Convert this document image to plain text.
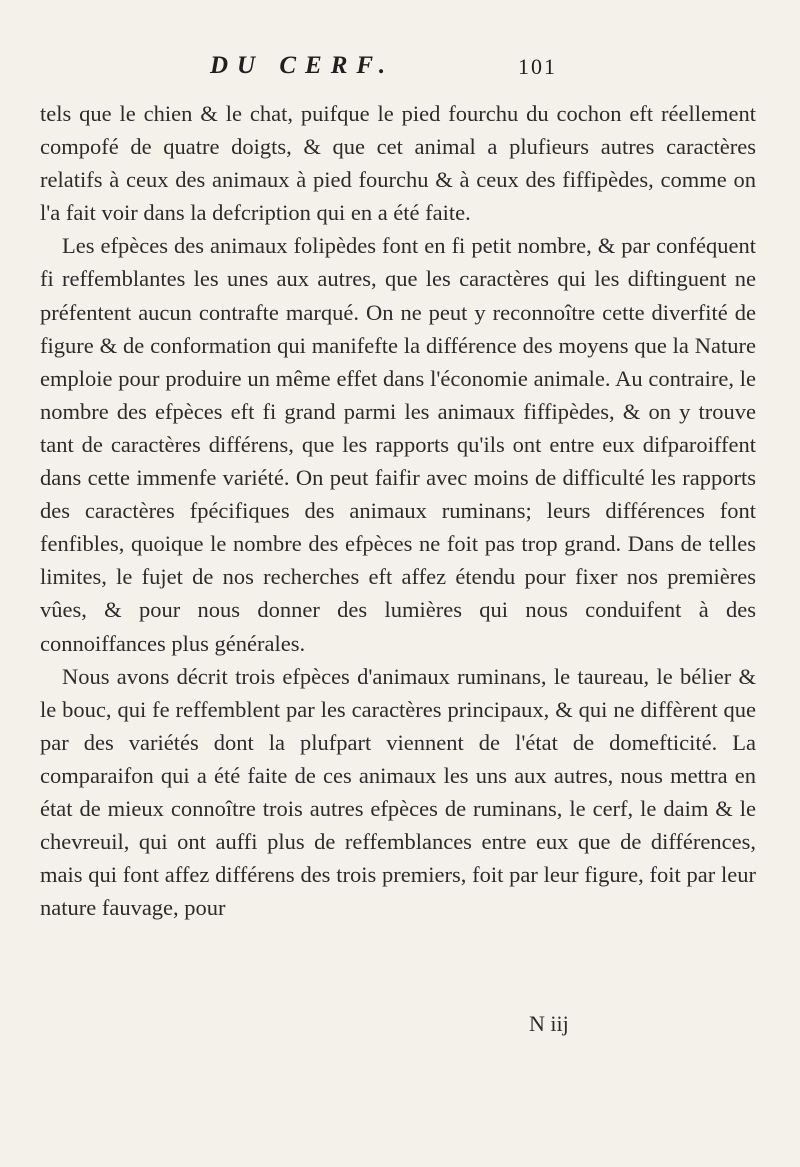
DU CERF.	101

tels que le chien & le chat, puifque le pied fourchu du cochon eft réellement compofé de quatre doigts, & que cet animal a plufieurs autres caractères relatifs à ceux des animaux à pied fourchu & à ceux des fiffipèdes, comme on l'a fait voir dans la defcription qui en a été faite.

Les efpèces des animaux folipèdes font en fi petit nombre, & par conféquent fi reffemblantes les unes aux autres, que les caractères qui les diftinguent ne préfentent aucun contrafte marqué. On ne peut y reconnoître cette diverfité de figure & de conformation qui manifefte la différence des moyens que la Nature emploie pour produire un même effet dans l'économie animale. Au contraire, le nombre des efpèces eft fi grand parmi les animaux fiffipèdes, & on y trouve tant de caractères différens, que les rapports qu'ils ont entre eux difparoiffent dans cette immenfe variété. On peut faifir avec moins de difficulté les rapports des caractères fpécifiques des animaux ruminans; leurs différences font fenfibles, quoique le nombre des efpèces ne foit pas trop grand. Dans de telles limites, le fujet de nos recherches eft affez étendu pour fixer nos premières vûes, & pour nous donner des lumières qui nous conduifent à des connoiffances plus générales.

Nous avons décrit trois efpèces d'animaux ruminans, le taureau, le bélier & le bouc, qui fe reffemblent par les caractères principaux, & qui ne diffèrent que par des variétés dont la plufpart viennent de l'état de domefticité. La comparaifon qui a été faite de ces animaux les uns aux autres, nous mettra en état de mieux connoître trois autres efpèces de ruminans, le cerf, le daim & le chevreuil, qui ont auffi plus de reffemblances entre eux que de différences, mais qui font affez différens des trois premiers, foit par leur figure, foit par leur nature fauvage, pour

N iij
